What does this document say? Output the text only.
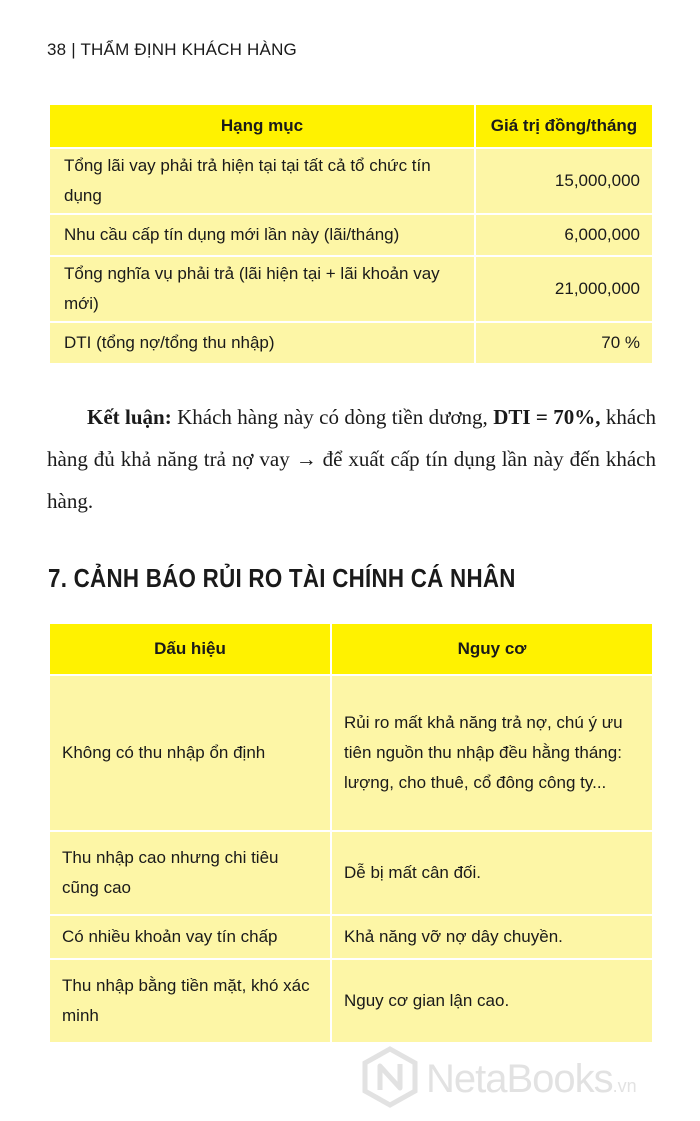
38 | THẨM ĐỊNH KHÁCH HÀNG
Hạng mục	Giá trị đồng/tháng
Tổng lãi vay phải trả hiện tại tại tất cả tổ chức tín dụng	15,000,000
Nhu cầu cấp tín dụng mới lần này (lãi/tháng)	6,000,000
Tổng nghĩa vụ phải trả (lãi hiện tại + lãi khoản vay mới)	21,000,000
DTI (tổng nợ/tổng thu nhập)	70 %
Kết luận: Khách hàng này có dòng tiền dương, DTI = 70%, khách hàng đủ khả năng trả nợ vay → để xuất cấp tín dụng lần này đến khách hàng.
7. CẢNH BÁO RỦI RO TÀI CHÍNH CÁ NHÂN
Dấu hiệu	Nguy cơ
Không có thu nhập ổn định	Rủi ro mất khả năng trả nợ, chú ý ưu tiên nguồn thu nhập đều hằng tháng: lượng, cho thuê, cổ đông công ty...
Thu nhập cao nhưng chi tiêu cũng cao	Dễ bị mất cân đối.
Có nhiều khoản vay tín chấp	Khả năng vỡ nợ dây chuyền.
Thu nhập bằng tiền mặt, khó xác minh	Nguy cơ gian lận cao.
NetaBooks.vn
